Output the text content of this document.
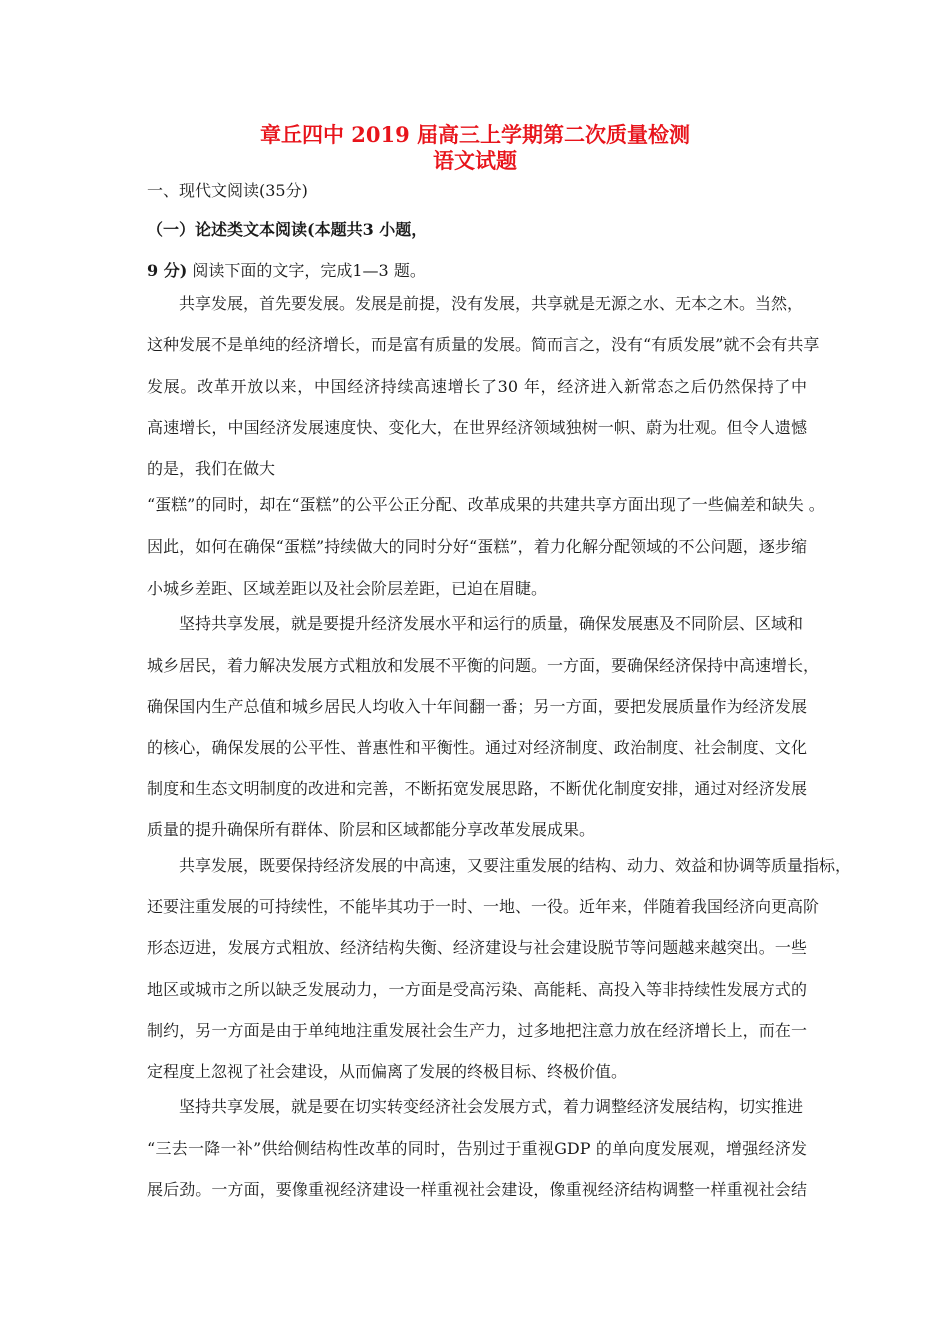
章丘四中 2019 届高三上学期第二次质量检测
语文试题
一、现代文阅读(35分)
（一）论述类文本阅读(本题共3 小题，
9 分) 阅读下面的文字，完成1—3 题。
共享发展，首先要发展。发展是前提，没有发展，共享就是无源之水、无本之木。当然，
这种发展不是单纯的经济增长，而是富有质量的发展。简而言之，没有“有质发展”就不会有共享
发展。改革开放以来，中国经济持续高速增长了30 年，经济进入新常态之后仍然保持了中
高速增长，中国经济发展速度快、变化大，在世界经济领域独树一帜、蔚为壮观。但令人遗憾
的是，我们在做大
“蛋糕”的同时，却在“蛋糕”的公平公正分配、改革成果的共建共享方面出现了一些偏差和缺失 。
因此，如何在确保“蛋糕”持续做大的同时分好“蛋糕”，着力化解分配领域的不公问题，逐步缩
小城乡差距、区域差距以及社会阶层差距，已迫在眉睫。
坚持共享发展，就是要提升经济发展水平和运行的质量，确保发展惠及不同阶层、区域和
城乡居民，着力解决发展方式粗放和发展不平衡的问题。一方面，要确保经济保持中高速增长，
确保国内生产总值和城乡居民人均收入十年间翻一番；另一方面，要把发展质量作为经济发展
的核心，确保发展的公平性、普惠性和平衡性。通过对经济制度、政治制度、社会制度、文化
制度和生态文明制度的改进和完善，不断拓宽发展思路，不断优化制度安排，通过对经济发展
质量的提升确保所有群体、阶层和区域都能分享改革发展成果。
共享发展，既要保持经济发展的中高速，又要注重发展的结构、动力、效益和协调等质量指标，
还要注重发展的可持续性，不能毕其功于一时、一地、一役。近年来，伴随着我国经济向更高阶
形态迈进，发展方式粗放、经济结构失衡、经济建设与社会建设脱节等问题越来越突出。一些
地区或城市之所以缺乏发展动力，一方面是受高污染、高能耗、高投入等非持续性发展方式的
制约，另一方面是由于单纯地注重发展社会生产力，过多地把注意力放在经济增长上，而在一
定程度上忽视了社会建设，从而偏离了发展的终极目标、终极价值。
坚持共享发展，就是要在切实转变经济社会发展方式，着力调整经济发展结构，切实推进
“三去一降一补”供给侧结构性改革的同时，告别过于重视GDP 的单向度发展观，增强经济发
展后劲。一方面，要像重视经济建设一样重视社会建设，像重视经济结构调整一样重视社会结
